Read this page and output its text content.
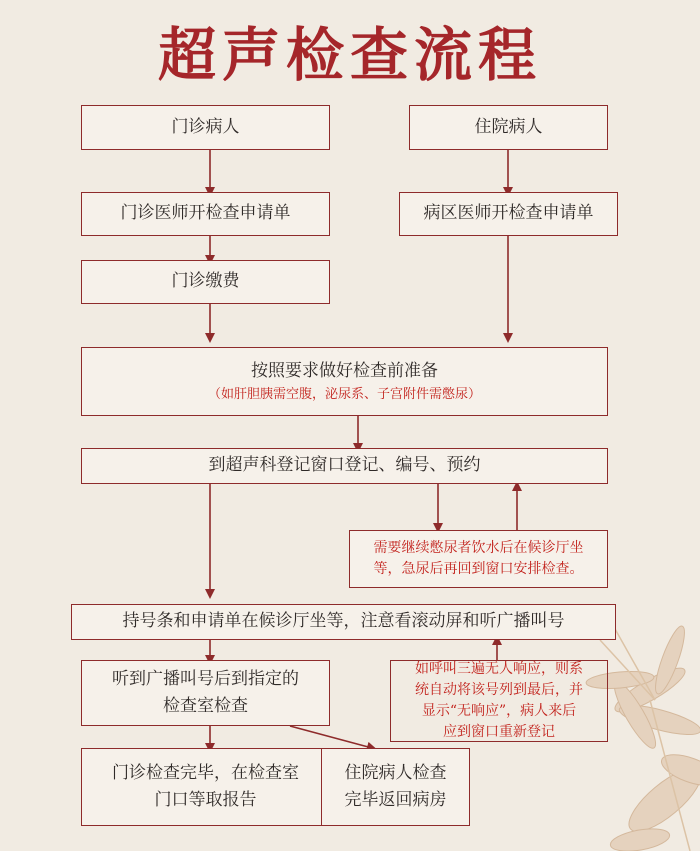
超声检查流程
门诊病人	住院病人
门诊医师开检查申请单	病区医师开检查申请单
门诊缴费
按照要求做好检查前准备
（如肝胆胰需空腹，泌尿系、子宫附件需憋尿）
到超声科登记窗口登记、编号、预约
需要继续憋尿者饮水后在候诊厅坐
等，急尿后再回到窗口安排检查。
持号条和申请单在候诊厅坐等，注意看滚动屏和听广播叫号
听到广播叫号后到指定的
检查室检查
如呼叫三遍无人响应，则系
统自动将该号列到最后，并
显示“无响应”，病人来后
应到窗口重新登记
门诊检查完毕，在检查室
门口等取报告
住院病人检查
完毕返回病房
